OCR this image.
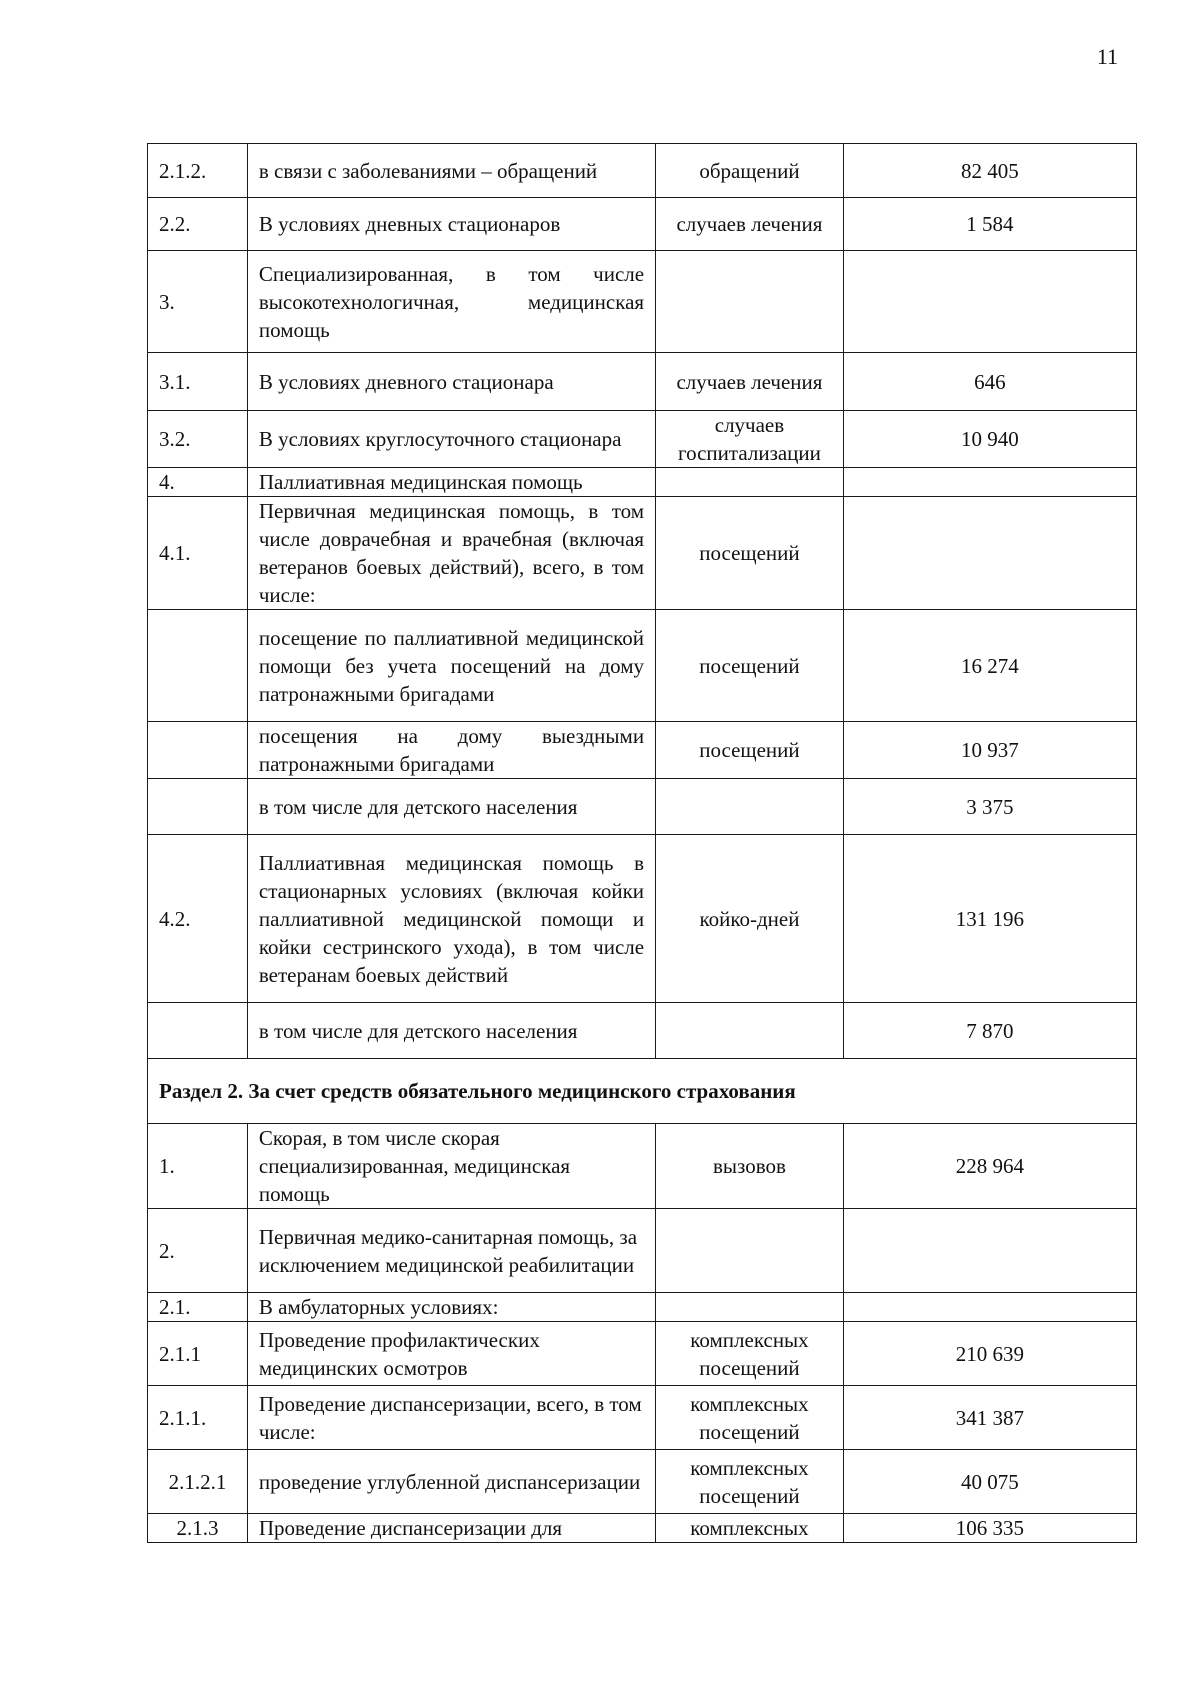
11
2.1.2.	в связи с заболеваниями – обращений	обращений	82 405
2.2.	В условиях дневных стационаров	случаев лечения	1 584
3.	Специализированная, в том числе высокотехнологичная, медицинская помощь		
3.1.	В условиях дневного стационара	случаев лечения	646
3.2.	В условиях круглосуточного стационара	случаев госпитализации	10 940
4.	Паллиативная медицинская помощь		
4.1.	Первичная медицинская помощь, в том числе доврачебная и врачебная (включая ветеранов боевых действий), всего, в том числе:	посещений	
	посещение по паллиативной медицинской помощи без учета посещений на дому патронажными бригадами	посещений	16 274
	посещения на дому выездными патронажными бригадами	посещений	10 937
	в том числе для детского населения		3 375
4.2.	Паллиативная медицинская помощь в стационарных условиях (включая койки паллиативной медицинской помощи и койки сестринского ухода), в том числе ветеранам боевых действий	койко-дней	131 196
	в том числе для детского населения		7 870
Раздел 2. За счет средств обязательного медицинского страхования			
1.	Скорая, в том числе скорая специализированная, медицинская помощь	вызовов	228 964
2.	Первичная медико-санитарная помощь, за исключением медицинской реабилитации		
2.1.	В амбулаторных условиях:		
2.1.1	Проведение профилактических медицинских осмотров	комплексных посещений	210 639
2.1.1.	Проведение диспансеризации, всего, в том числе:	комплексных посещений	341 387
2.1.2.1	проведение углубленной диспансеризации	комплексных посещений	40 075
2.1.3	Проведение диспансеризации для	комплексных	106 335
